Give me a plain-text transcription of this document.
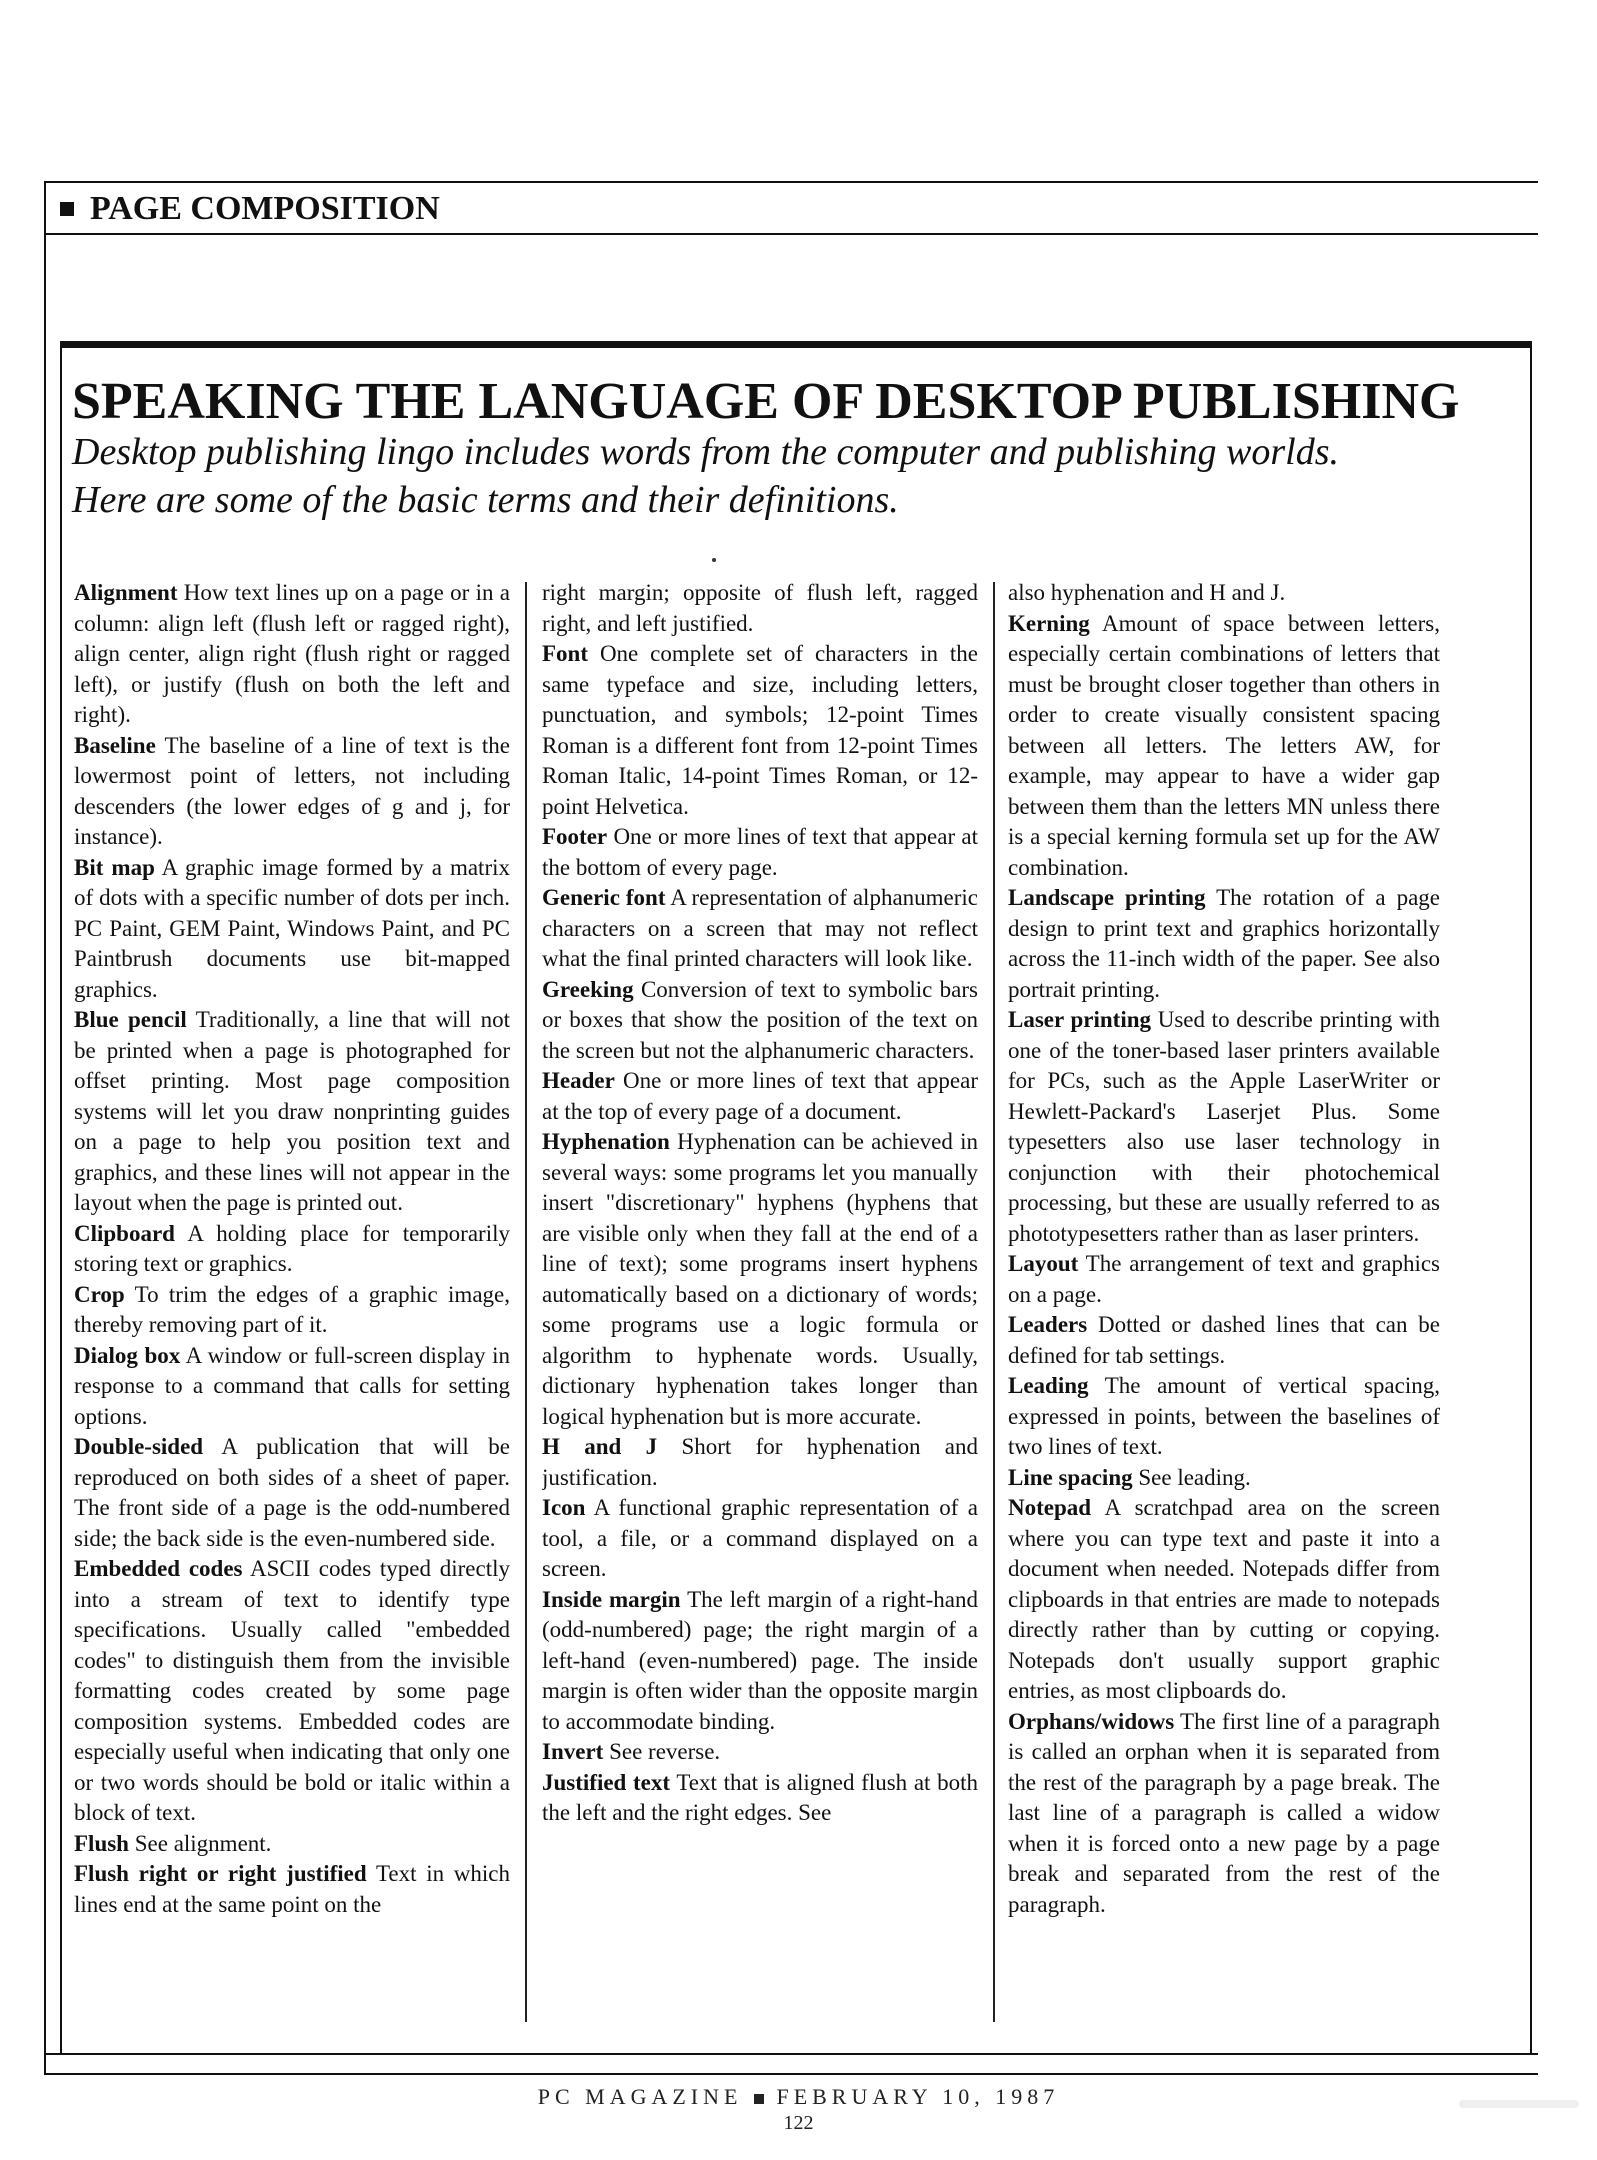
PAGE COMPOSITION
SPEAKING THE LANGUAGE OF DESKTOP PUBLISHING
Desktop publishing lingo includes words from the computer and publishing worlds. Here are some of the basic terms and their definitions.

Alignment How text lines up on a page or in a column: align left (flush left or ragged right), align center, align right (flush right or ragged left), or justify (flush on both the left and right).

Baseline The baseline of a line of text is the lowermost point of letters, not including descenders (the lower edges of g and j, for instance).

Bit map A graphic image formed by a matrix of dots with a specific number of dots per inch. PC Paint, GEM Paint, Windows Paint, and PC Paintbrush documents use bit-mapped graphics.

Blue pencil Traditionally, a line that will not be printed when a page is photographed for offset printing. Most page composition systems will let you draw nonprinting guides on a page to help you position text and graphics, and these lines will not appear in the layout when the page is printed out.

Clipboard A holding place for temporarily storing text or graphics.

Crop To trim the edges of a graphic image, thereby removing part of it.

Dialog box A window or full-screen display in response to a command that calls for setting options.

Double-sided A publication that will be reproduced on both sides of a sheet of paper. The front side of a page is the odd-numbered side; the back side is the even-numbered side.

Embedded codes ASCII codes typed directly into a stream of text to identify type specifications. Usually called "embedded codes" to distinguish them from the invisible formatting codes created by some page composition systems. Embedded codes are especially useful when indicating that only one or two words should be bold or italic within a block of text.

Flush See alignment.

Flush right or right justified Text in which lines end at the same point on the

right margin; opposite of flush left, ragged right, and left justified.

Font One complete set of characters in the same typeface and size, including letters, punctuation, and symbols; 12-point Times Roman is a different font from 12-point Times Roman Italic, 14-point Times Roman, or 12-point Helvetica.

Footer One or more lines of text that appear at the bottom of every page.

Generic font A representation of alphanumeric characters on a screen that may not reflect what the final printed characters will look like.

Greeking Conversion of text to symbolic bars or boxes that show the position of the text on the screen but not the alphanumeric characters.

Header One or more lines of text that appear at the top of every page of a document.

Hyphenation Hyphenation can be achieved in several ways: some programs let you manually insert "discretionary" hyphens (hyphens that are visible only when they fall at the end of a line of text); some programs insert hyphens automatically based on a dictionary of words; some programs use a logic formula or algorithm to hyphenate words. Usually, dictionary hyphenation takes longer than logical hyphenation but is more accurate.

H and J Short for hyphenation and justification.

Icon A functional graphic representation of a tool, a file, or a command displayed on a screen.

Inside margin The left margin of a right-hand (odd-numbered) page; the right margin of a left-hand (even-numbered) page. The inside margin is often wider than the opposite margin to accommodate binding.

Invert See reverse.

Justified text Text that is aligned flush at both the left and the right edges. See

also hyphenation and H and J.

Kerning Amount of space between letters, especially certain combinations of letters that must be brought closer together than others in order to create visually consistent spacing between all letters. The letters AW, for example, may appear to have a wider gap between them than the letters MN unless there is a special kerning formula set up for the AW combination.

Landscape printing The rotation of a page design to print text and graphics horizontally across the 11-inch width of the paper. See also portrait printing.

Laser printing Used to describe printing with one of the toner-based laser printers available for PCs, such as the Apple LaserWriter or Hewlett-Packard's Laserjet Plus. Some typesetters also use laser technology in conjunction with their photochemical processing, but these are usually referred to as phototypesetters rather than as laser printers.

Layout The arrangement of text and graphics on a page.

Leaders Dotted or dashed lines that can be defined for tab settings.

Leading The amount of vertical spacing, expressed in points, between the baselines of two lines of text.

Line spacing See leading.

Notepad A scratchpad area on the screen where you can type text and paste it into a document when needed. Notepads differ from clipboards in that entries are made to notepads directly rather than by cutting or copying. Notepads don't usually support graphic entries, as most clipboards do.

Orphans/widows The first line of a paragraph is called an orphan when it is separated from the rest of the paragraph by a page break. The last line of a paragraph is called a widow when it is forced onto a new page by a page break and separated from the rest of the paragraph.

PC MAGAZINE FEBRUARY 10, 1987
122
